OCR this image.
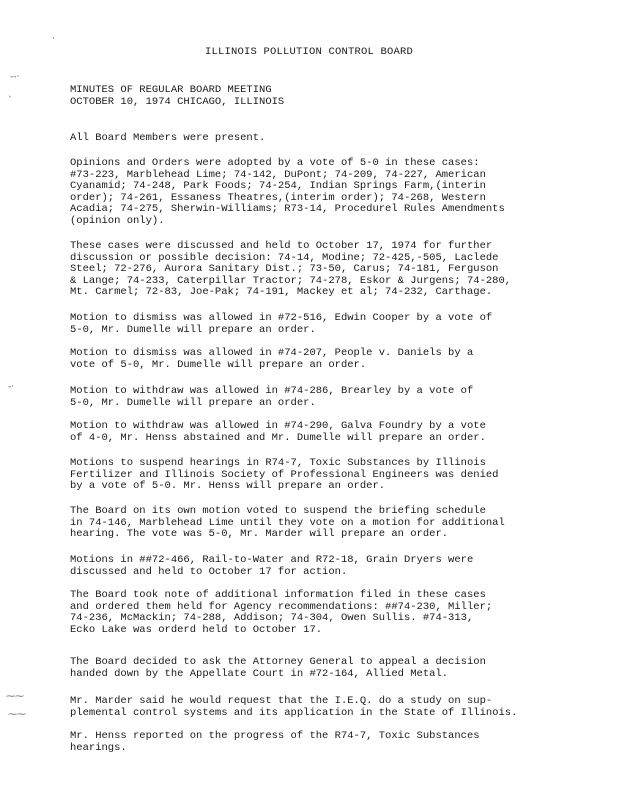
·
‑‑·
`
‑·
⁓⁓
⁓⁓
ILLINOIS POLLUTION CONTROL BOARD
MINUTES OF REGULAR BOARD MEETING
OCTOBER 10, 1974 CHICAGO, ILLINOIS
All Board Members were present.
Opinions and Orders were adopted by a vote of 5-0 in these cases:
#73-223, Marblehead Lime; 74-142, DuPont; 74-209, 74-227, American
Cyanamid; 74-248, Park Foods; 74-254, Indian Springs Farm,(interin
order); 74-261, Essaness Theatres,(interim order); 74-268, Western
Acadia; 74-275, Sherwin-Williams; R73-14, Procedurel Rules Amendments
(opinion only).
These cases were discussed and held to October 17, 1974 for further
discussion or possible decision: 74-14, Modine; 72-425,-505, Laclede
Steel; 72-276, Aurora Sanitary Dist.; 73-50, Carus; 74-181, Ferguson
& Lange; 74-233, Caterpillar Tractor; 74-278, Eskor & Jurgens; 74-280,
Mt. Carmel; 72-83, Joe-Pak; 74-191, Mackey et al; 74-232, Carthage.
Motion to dismiss was allowed in #72-516, Edwin Cooper by a vote of
5-0, Mr. Dumelle will prepare an order.
Motion to dismiss was allowed in #74-207, People v. Daniels by a
vote of 5-0, Mr. Dumelle will prepare an order.
Motion to withdraw was allowed in #74-286, Brearley by a vote of
5-0, Mr. Dumelle will prepare an order.
Motion to withdraw was allowed in #74-290, Galva Foundry by a vote
of 4-0, Mr. Henss abstained and Mr. Dumelle will prepare an order.
Motions to suspend hearings in R74-7, Toxic Substances by Illinois
Fertilizer and Illinois Society of Professional Engineers was denied
by a vote of 5-0. Mr. Henss will prepare an order.
The Board on its own motion voted to suspend the briefing schedule
in 74-146, Marblehead Lime until they vote on a motion for additional
hearing. The vote was 5-0, Mr. Marder will prepare an order.
Motions in ##72-466, Rail-to-Water and R72-18, Grain Dryers were
discussed and held to October 17 for action.
The Board took note of additional information filed in these cases
and ordered them held for Agency recommendations: ##74-230, Miller;
74-236, McMackin; 74-288, Addison; 74-304, Owen Sullis. #74-313,
Ecko Lake was orderd held to October 17.
The Board decided to ask the Attorney General to appeal a decision
handed down by the Appellate Court in #72-164, Allied Metal.
Mr. Marder said he would request that the I.E.Q. do a study on sup-
plemental control systems and its application in the State of Illinois.
Mr. Henss reported on the progress of the R74-7, Toxic Substances
hearings.
